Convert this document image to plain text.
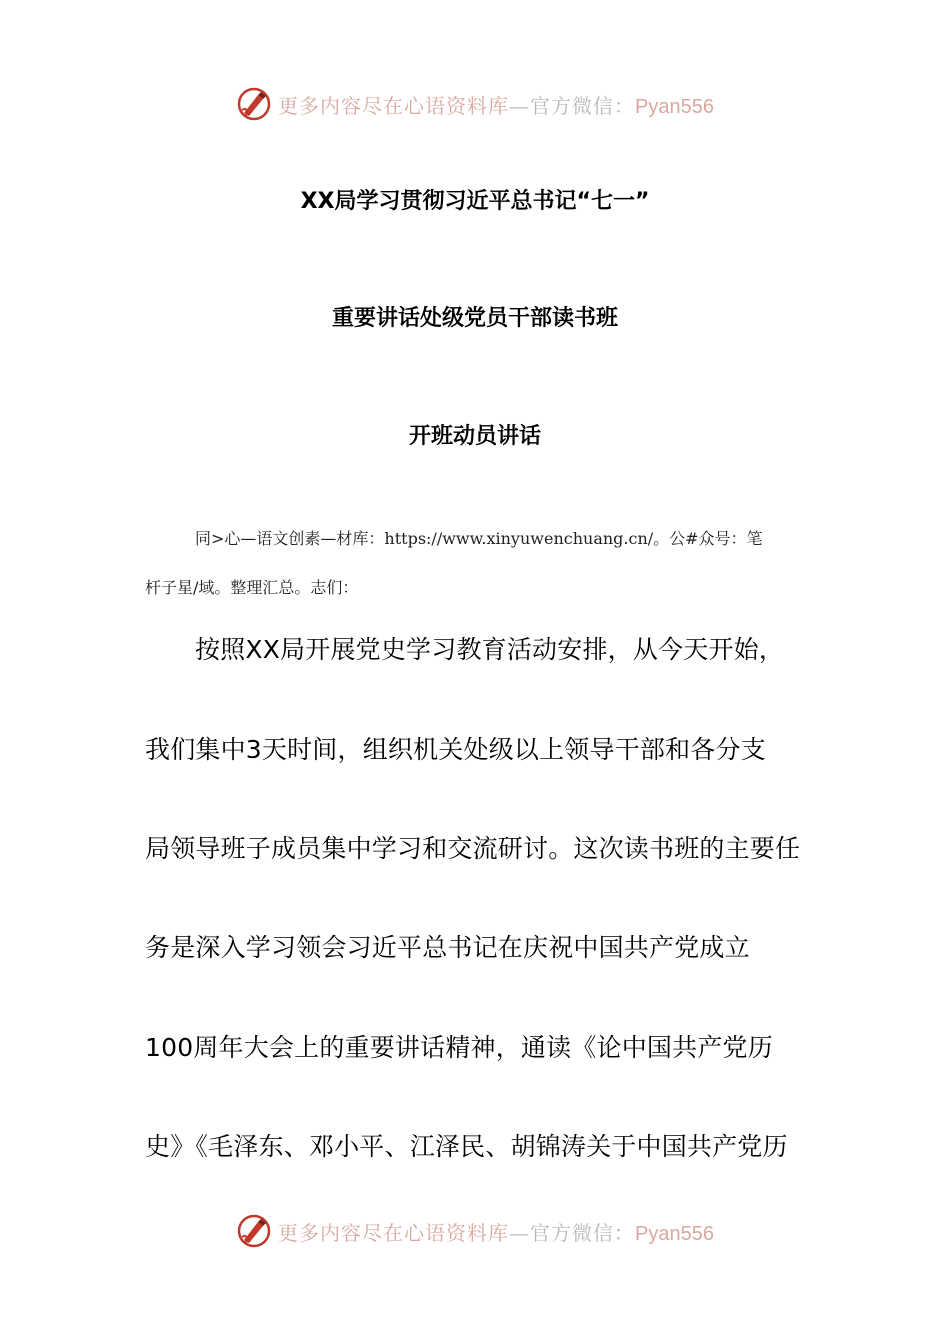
更多内容尽在心语资料库—官方微信：Pyan556
XX局学习贯彻习近平总书记“七一”
重要讲话处级党员干部读书班
开班动员讲话
同>心—语文创素—材库：https://www.xinyuwenchuang.cn/。公#众号：笔
杆子星/域。整理汇总。志们：
按照XX局开展党史学习教育活动安排，从今天开始，
我们集中3天时间，组织机关处级以上领导干部和各分支
局领导班子成员集中学习和交流研讨。这次读书班的主要任
务是深入学习领会习近平总书记在庆祝中国共产党成立
100周年大会上的重要讲话精神，通读《论中国共产党历
史》《毛泽东、邓小平、江泽民、胡锦涛关于中国共产党历
更多内容尽在心语资料库—官方微信：Pyan556
